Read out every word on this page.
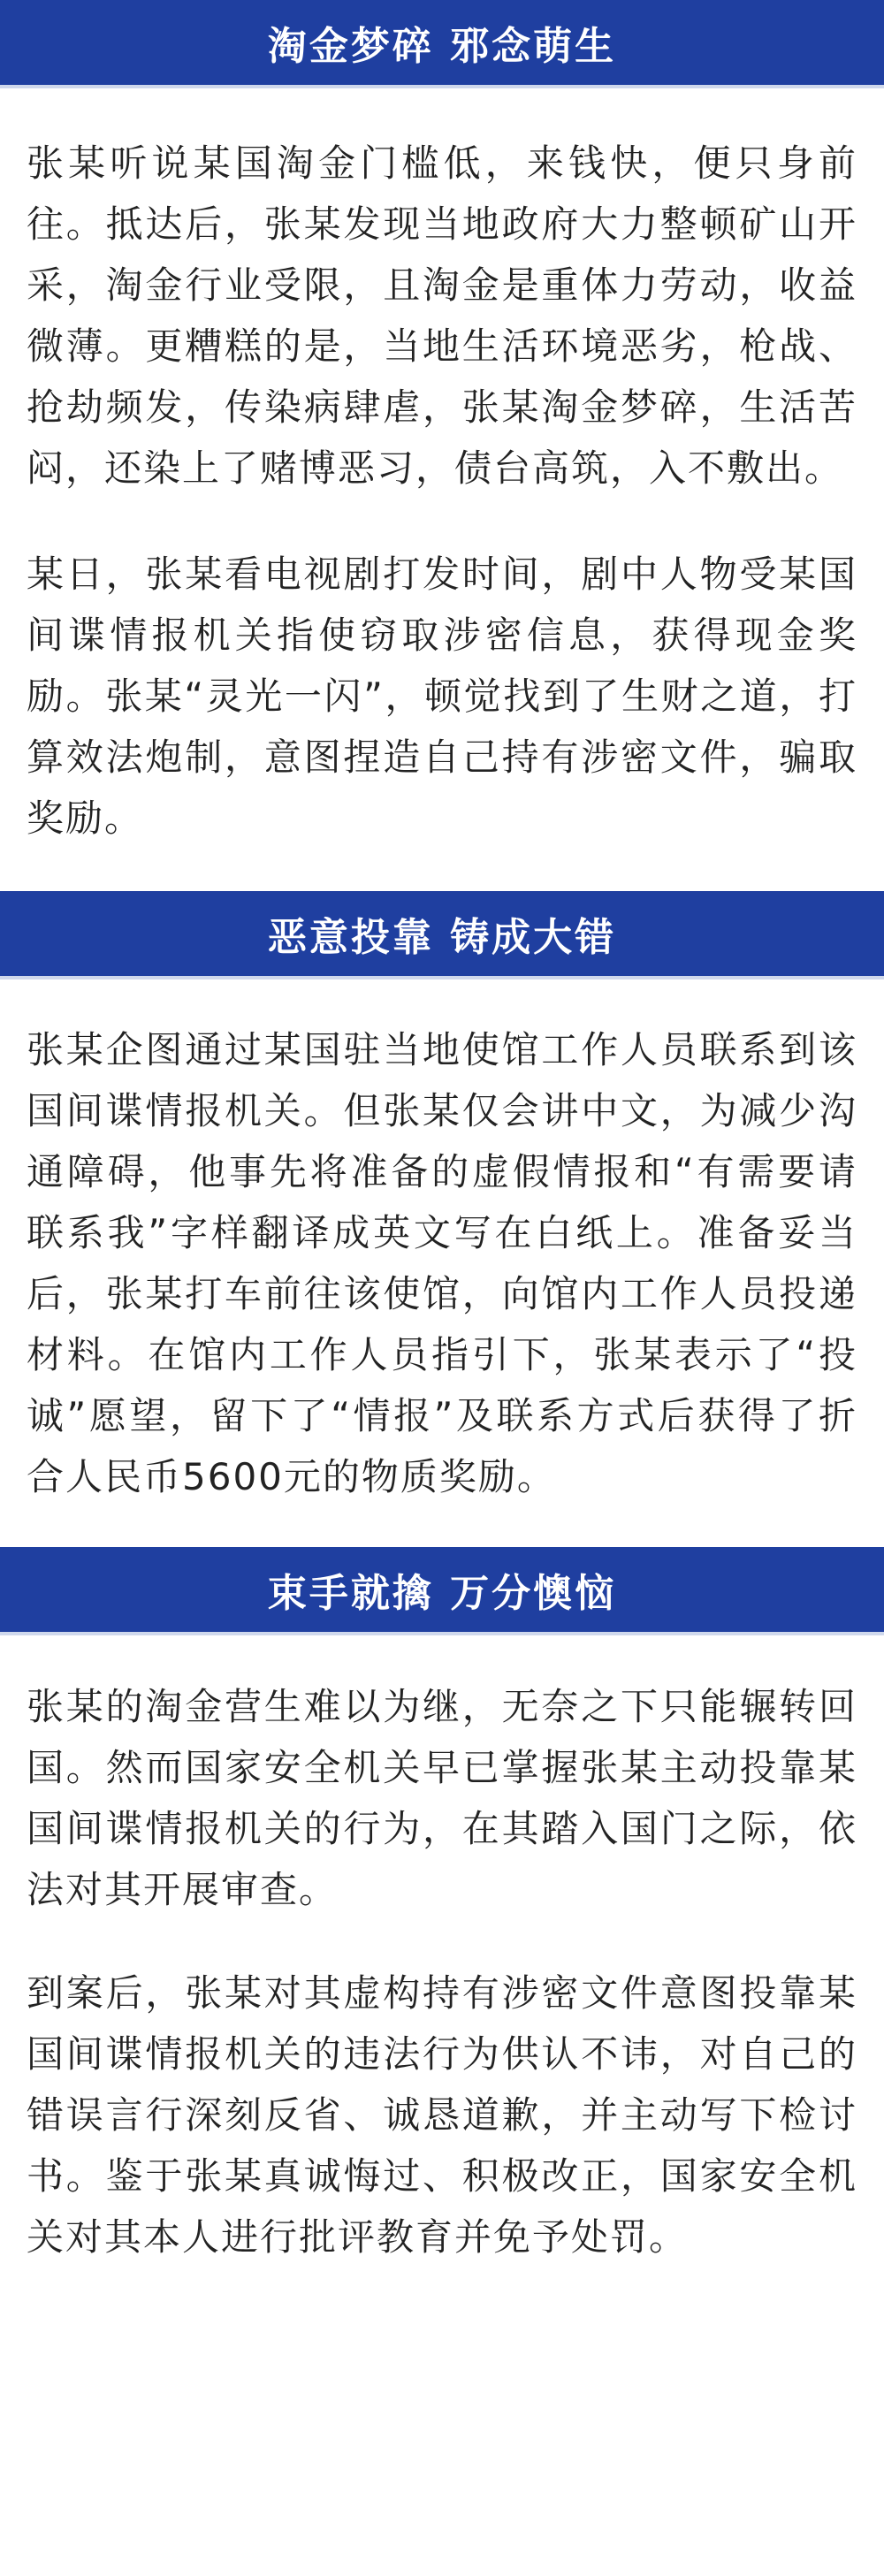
淘金梦碎 邪念萌生

张某听说某国淘金门槛低，来钱快，便只身前往。抵达后，张某发现当地政府大力整顿矿山开采，淘金行业受限，且淘金是重体力劳动，收益微薄。更糟糕的是，当地生活环境恶劣，枪战、抢劫频发，传染病肆虐，张某淘金梦碎，生活苦闷，还染上了赌博恶习，债台高筑，入不敷出。

某日，张某看电视剧打发时间，剧中人物受某国间谍情报机关指使窃取涉密信息，获得现金奖励。张某“灵光一闪”，顿觉找到了生财之道，打算效法炮制，意图捏造自己持有涉密文件，骗取奖励。

恶意投靠 铸成大错

张某企图通过某国驻当地使馆工作人员联系到该国间谍情报机关。但张某仅会讲中文，为减少沟通障碍，他事先将准备的虚假情报和“有需要请联系我”字样翻译成英文写在白纸上。准备妥当后，张某打车前往该使馆，向馆内工作人员投递材料。在馆内工作人员指引下，张某表示了“投诚”愿望，留下了“情报”及联系方式后获得了折合人民币5600元的物质奖励。

束手就擒 万分懊恼

张某的淘金营生难以为继，无奈之下只能辗转回国。然而国家安全机关早已掌握张某主动投靠某国间谍情报机关的行为，在其踏入国门之际，依法对其开展审查。

到案后，张某对其虚构持有涉密文件意图投靠某国间谍情报机关的违法行为供认不讳，对自己的错误言行深刻反省、诚恳道歉，并主动写下检讨书。鉴于张某真诚悔过、积极改正，国家安全机关对其本人进行批评教育并免予处罚。
